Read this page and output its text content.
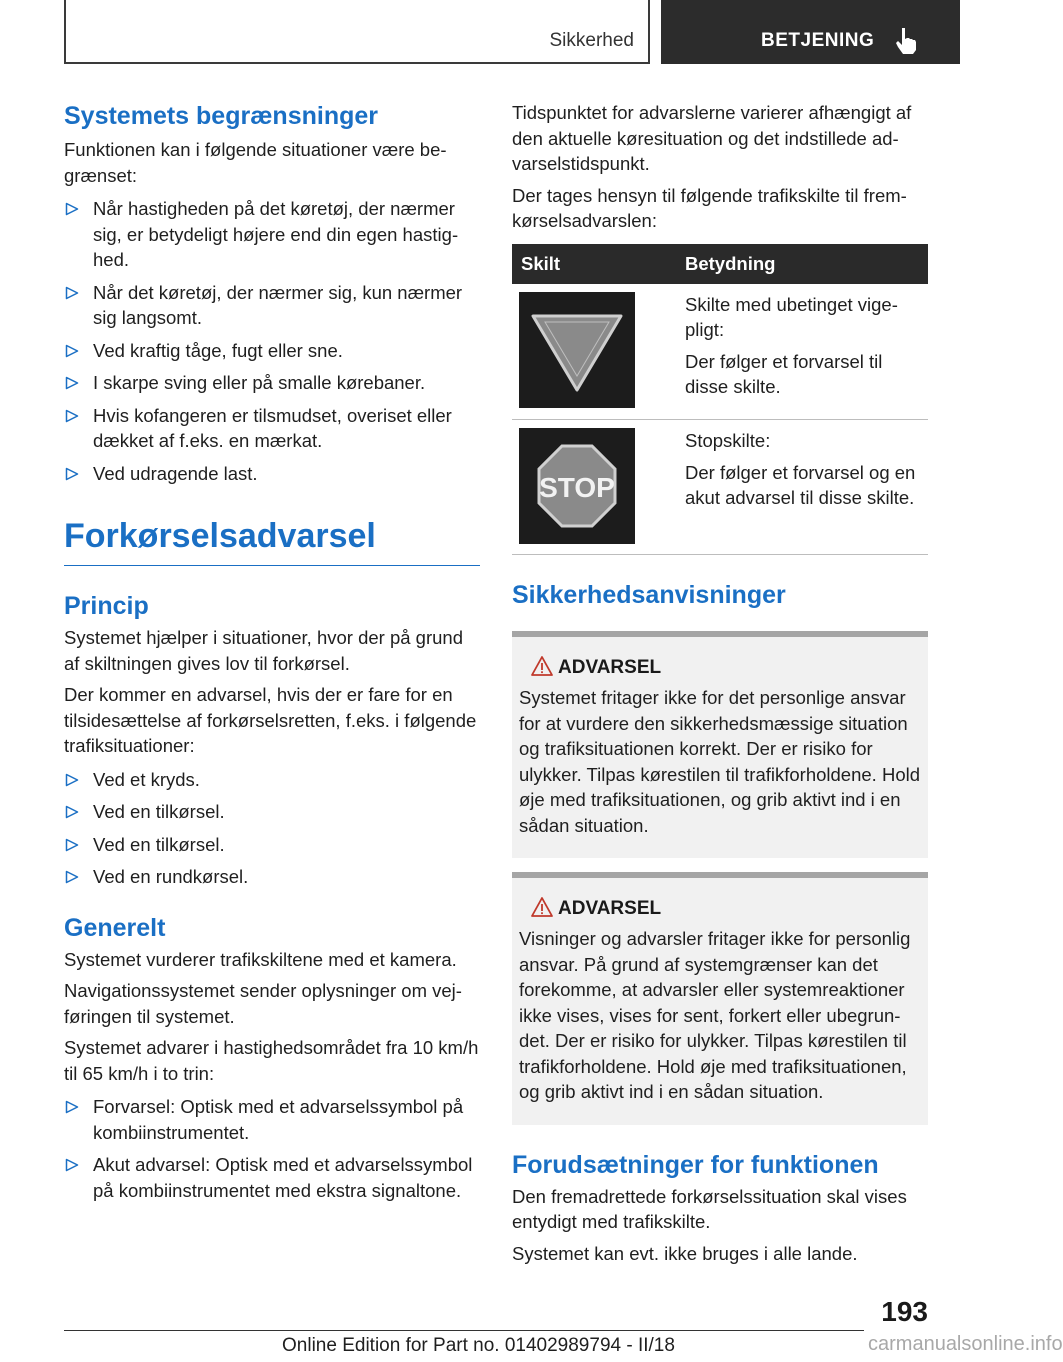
Sikkerhed	BETJENING
Systemets begrænsninger

Funktionen kan i følgende situationer være begrænset:

Når hastigheden på det køretøj, der nærmer sig, er betydeligt højere end din egen hastighed.
Når det køretøj, der nærmer sig, kun nærmer sig langsomt.
Ved kraftig tåge, fugt eller sne.
I skarpe sving eller på smalle kørebaner.
Hvis kofangeren er tilsmudset, overiset eller dækket af f.eks. en mærkat.
Ved udragende last.
Forkørselsadvarsel
Princip

Systemet hjælper i situationer, hvor der på grund af skiltningen gives lov til forkørsel.

Der kommer en advarsel, hvis der er fare for en tilsidesættelse af forkørselsretten, f.eks. i følgende trafiksituationer:

Ved et kryds.
Ved en tilkørsel.
Ved en tilkørsel.
Ved en rundkørsel.
Generelt

Systemet vurderer trafikskiltene med et kamera.

Navigationssystemet sender oplysninger om vejføringen til systemet.

Systemet advarer i hastighedsområdet fra 10 km/h til 65 km/h i to trin:

Forvarsel: Optisk med et advarselssymbol på kombiinstrumentet.
Akut advarsel: Optisk med et advarselssymbol på kombiinstrumentet med ekstra signaltone.

Tidspunktet for advarslerne varierer afhængigt af den aktuelle køresituation og det indstillede advarselstidspunkt.

Der tages hensyn til følgende trafikskilte til fremkørselsadvarslen:

Skilt	Betydning

Skilte med ubetinget vigepligt:

Der følger et forvarsel til disse skilte.

STOP	Stopskilte:

Der følger et forvarsel og en akut advarsel til disse skilte.

Sikkerhedsanvisninger
ADVARSEL

Systemet fritager ikke for det personlige ansvar for at vurdere den sikkerhedsmæssige situation og trafiksituationen korrekt. Der er risiko for ulykker. Tilpas kørestilen til trafikforholdene. Hold øje med trafiksituationen, og grib aktivt ind i en sådan situation.

ADVARSEL

Visninger og advarsler fritager ikke for personlig ansvar. På grund af systemgrænser kan det forekomme, at advarsler eller systemreaktioner ikke vises, vises for sent, forkert eller ubegrundet. Der er risiko for ulykker. Tilpas kørestilen til trafikforholdene. Hold øje med trafiksituationen, og grib aktivt ind i en sådan situation.

Forudsætninger for funktionen

Den fremadrettede forkørselssituation skal vises entydigt med trafikskilte.

Systemet kan evt. ikke bruges i alle lande.

193
Online Edition for Part no. 01402989794 - II/18	carmanualsonline.info
